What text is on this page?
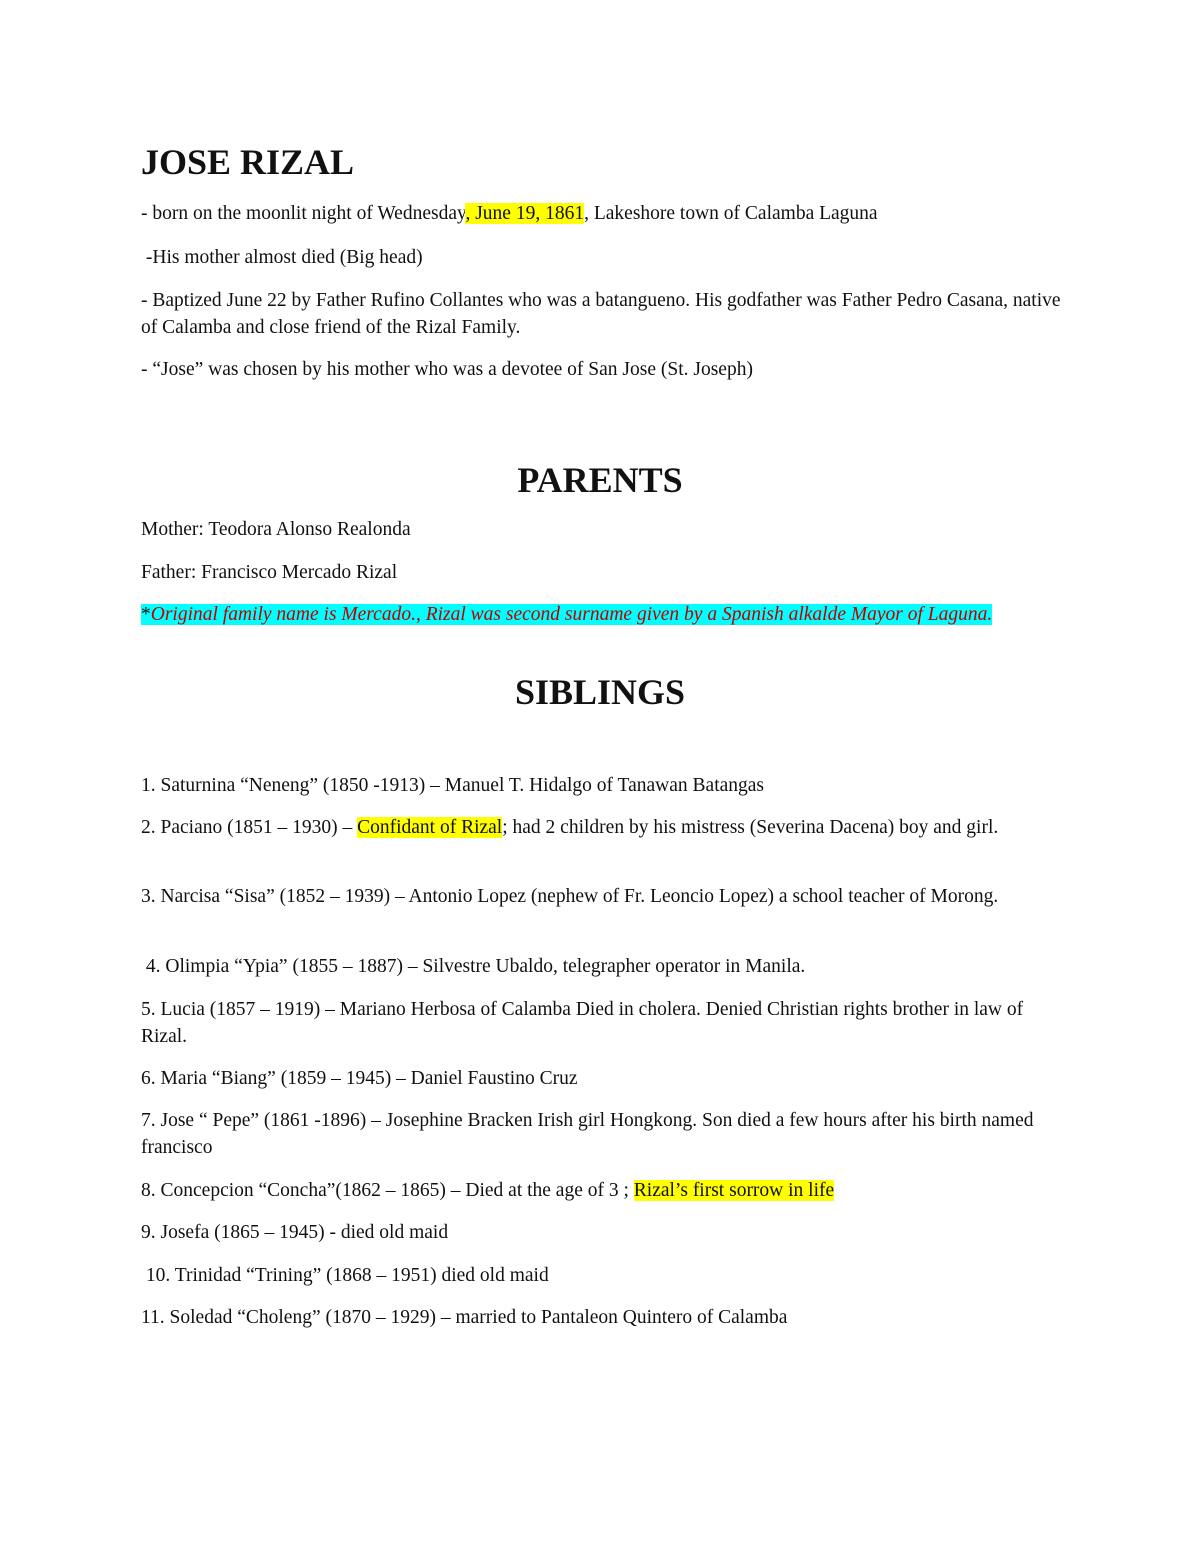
JOSE RIZAL

- born on the moonlit night of Wednesday, June 19, 1861, Lakeshore town of Calamba Laguna

-His mother almost died (Big head)

- Baptized June 22 by Father Rufino Collantes who was a batangueno. His godfather was Father Pedro Casana, native of Calamba and close friend of the Rizal Family.

- “Jose” was chosen by his mother who was a devotee of San Jose (St. Joseph)

PARENTS

Mother: Teodora Alonso Realonda

Father: Francisco Mercado Rizal

*Original family name is Mercado., Rizal was second surname given by a Spanish alkalde Mayor of Laguna.

SIBLINGS

1. Saturnina “Neneng” (1850 -1913) – Manuel T. Hidalgo of Tanawan Batangas

2. Paciano (1851 – 1930) – Confidant of Rizal; had 2 children by his mistress (Severina Dacena) boy and girl.

3. Narcisa “Sisa” (1852 – 1939) – Antonio Lopez (nephew of Fr. Leoncio Lopez) a school teacher of Morong.

4. Olimpia “Ypia” (1855 – 1887) – Silvestre Ubaldo, telegrapher operator in Manila.

5. Lucia (1857 – 1919) – Mariano Herbosa of Calamba Died in cholera. Denied Christian rights brother in law of Rizal.

6. Maria “Biang” (1859 – 1945) – Daniel Faustino Cruz

7. Jose “ Pepe” (1861 -1896) – Josephine Bracken Irish girl Hongkong. Son died a few hours after his birth named francisco

8. Concepcion “Concha”(1862 – 1865) – Died at the age of 3 ; Rizal’s first sorrow in life

9. Josefa (1865 – 1945) - died old maid

10. Trinidad “Trining” (1868 – 1951) died old maid

11. Soledad “Choleng” (1870 – 1929) – married to Pantaleon Quintero of Calamba
